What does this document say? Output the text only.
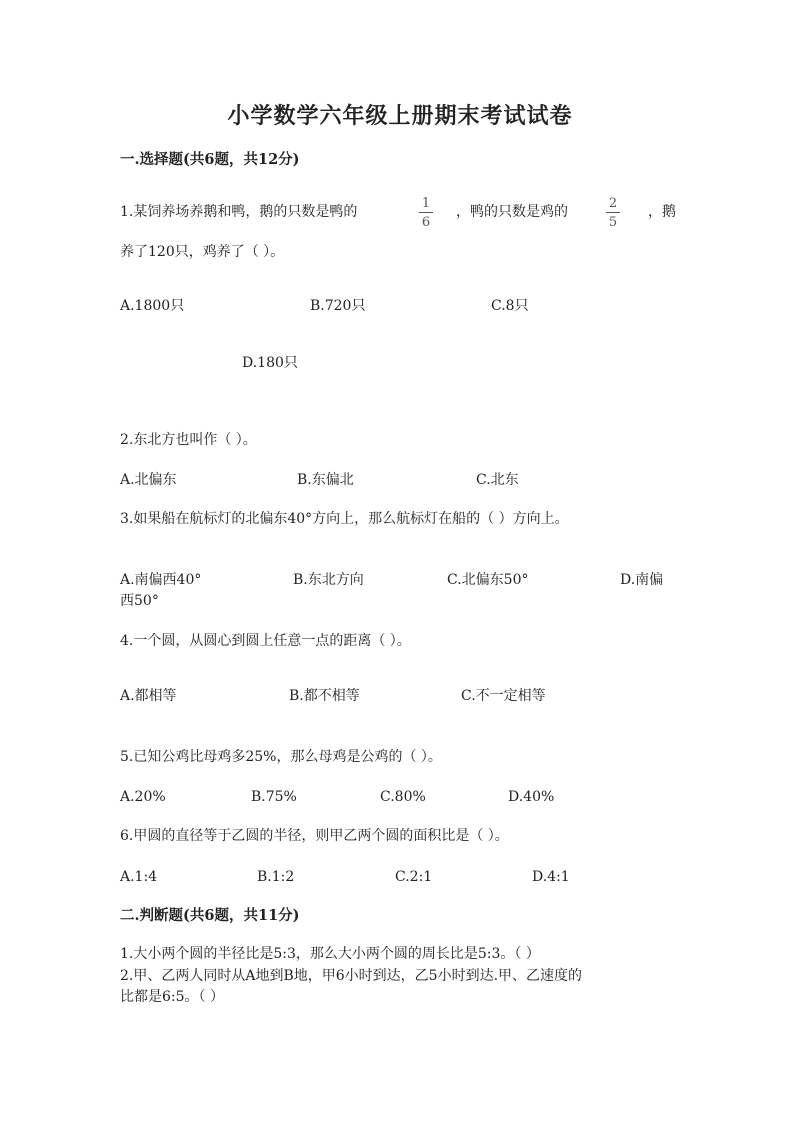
小学数学六年级上册期末考试试卷
一.选择题(共6题，共12分)
1.某饲养场养鹅和鸭，鹅的只数是鸭的
1
6
，鸭的只数是鸡的
2
5
，鹅
养了120只，鸡养了（ ）。
A.1800只	B.720只	C.8只
D.180只
2.东北方也叫作（ ）。
A.北偏东	B.东偏北	C.北东
3.如果船在航标灯的北偏东40°方向上，那么航标灯在船的（ ）方向上。
A.南偏西40°	B.东北方向	C.北偏东50°	D.南偏
西50°
4.一个圆，从圆心到圆上任意一点的距离（ ）。
A.都相等	B.都不相等	C.不一定相等
5.已知公鸡比母鸡多25%，那么母鸡是公鸡的（ ）。
A.20%	B.75%	C.80%	D.40%
6.甲圆的直径等于乙圆的半径，则甲乙两个圆的面积比是（ ）。
A.1:4	B.1:2	C.2:1	D.4:1
二.判断题(共6题，共11分)
1.大小两个圆的半径比是5:3，那么大小两个圆的周长比是5:3。（ ）
2.甲、乙两人同时从A地到B地，甲6小时到达，乙5小时到达.甲、乙速度的
比都是6:5。（ ）
